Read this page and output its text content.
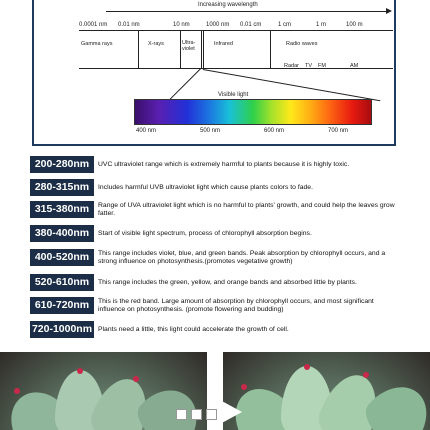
Increasing wavelength
0.0001 nm 0.01 nm	10 nm	1000 nm 0.01 cm	1 cm	1 m	100 m
Gamma rays	X-rays	Ultra-violet
Infrared	Radio waves
Radar TV FM	AM
Visible light
400 nm	500 nm	600 nm	700 nm
200-280nm	UVC ultraviolet range which is extremely harmful to plants because it is highly toxic.
280-315nm	Includes harmful UVB ultraviolet light which cause plants colors to fade.
315-380nm	Range of UVA ultraviolet light which is no harmful to plants' growth, and could help the leaves grow fatter.
380-400nm	Start of visible light spectrum, process of chlorophyll absorption begins.
400-520nm	This range includes violet, blue, and green bands. Peak absorption by chlorophyll occurs, and a strong influence on photosynthesis.(promotes vegetative growth)
520-610nm	This range includes the green, yellow, and orange bands and absorbed little by plants.
610-720nm	This is the red band. Large amount of absorption by chlorophyll occurs, and most significant influence on photosynthesis. (promote flowering and budding)
720-1000nm Plants need a little, this light could accelerate the growth of cell.
